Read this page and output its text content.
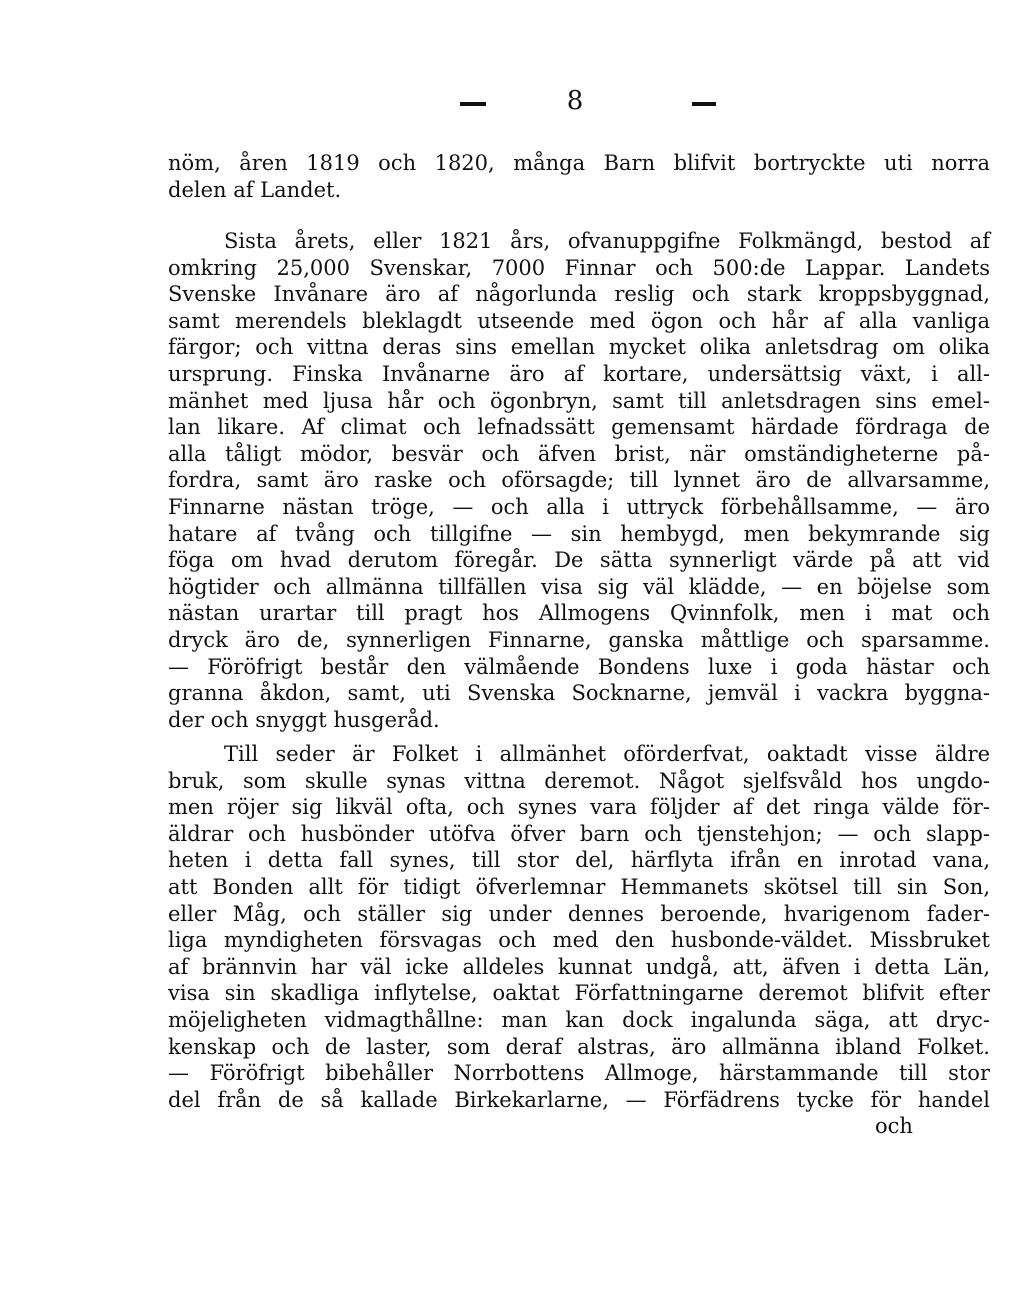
8
nöm, åren 1819 och 1820, många Barn blifvit bortryckte uti norra
delen af Landet.
Sista årets, eller 1821 års, ofvanuppgifne Folkmängd, bestod af
omkring 25,000 Svenskar, 7000 Finnar och 500:de Lappar. Landets
Svenske Invånare äro af någorlunda reslig och stark kroppsbyggnad,
samt merendels bleklagdt utseende med ögon och hår af alla vanliga
färgor; och vittna deras sins emellan mycket olika anletsdrag om olika
ursprung. Finska Invånarne äro af kortare, undersättsig växt, i all-
mänhet med ljusa hår och ögonbryn, samt till anletsdragen sins emel-
lan likare. Af climat och lefnadssätt gemensamt härdade fördraga de
alla tåligt mödor, besvär och äfven brist, när omständigheterne på-
fordra, samt äro raske och oförsagde; till lynnet äro de allvarsamme,
Finnarne nästan tröge, — och alla i uttryck förbehållsamme, — äro
hatare af tvång och tillgifne — sin hembygd, men bekymrande sig
föga om hvad derutom föregår. De sätta synnerligt värde på att vid
högtider och allmänna tillfällen visa sig väl klädde, — en böjelse som
nästan urartar till pragt hos Allmogens Qvinnfolk, men i mat och
dryck äro de, synnerligen Finnarne, ganska måttlige och sparsamme.
— Föröfrigt består den välmående Bondens luxe i goda hästar och
granna åkdon, samt, uti Svenska Socknarne, jemväl i vackra byggna-
der och snyggt husgeråd.
Till seder är Folket i allmänhet oförderfvat, oaktadt visse äldre
bruk, som skulle synas vittna deremot. Något sjelfsvåld hos ungdo-
men röjer sig likväl ofta, och synes vara följder af det ringa välde för-
äldrar och husbönder utöfva öfver barn och tjenstehjon; — och slapp-
heten i detta fall synes, till stor del, härflyta ifrån en inrotad vana,
att Bonden allt för tidigt öfverlemnar Hemmanets skötsel till sin Son,
eller Måg, och ställer sig under dennes beroende, hvarigenom fader-
liga myndigheten försvagas och med den husbonde-väldet. Missbruket
af brännvin har väl icke alldeles kunnat undgå, att, äfven i detta Län,
visa sin skadliga inflytelse, oaktat Författningarne deremot blifvit efter
möjeligheten vidmagthållne: man kan dock ingalunda säga, att dryc-
kenskap och de laster, som deraf alstras, äro allmänna ibland Folket.
— Föröfrigt bibehåller Norrbottens Allmoge, härstammande till stor
del från de så kallade Birkekarlarne, — Förfädrens tycke för handel
och
